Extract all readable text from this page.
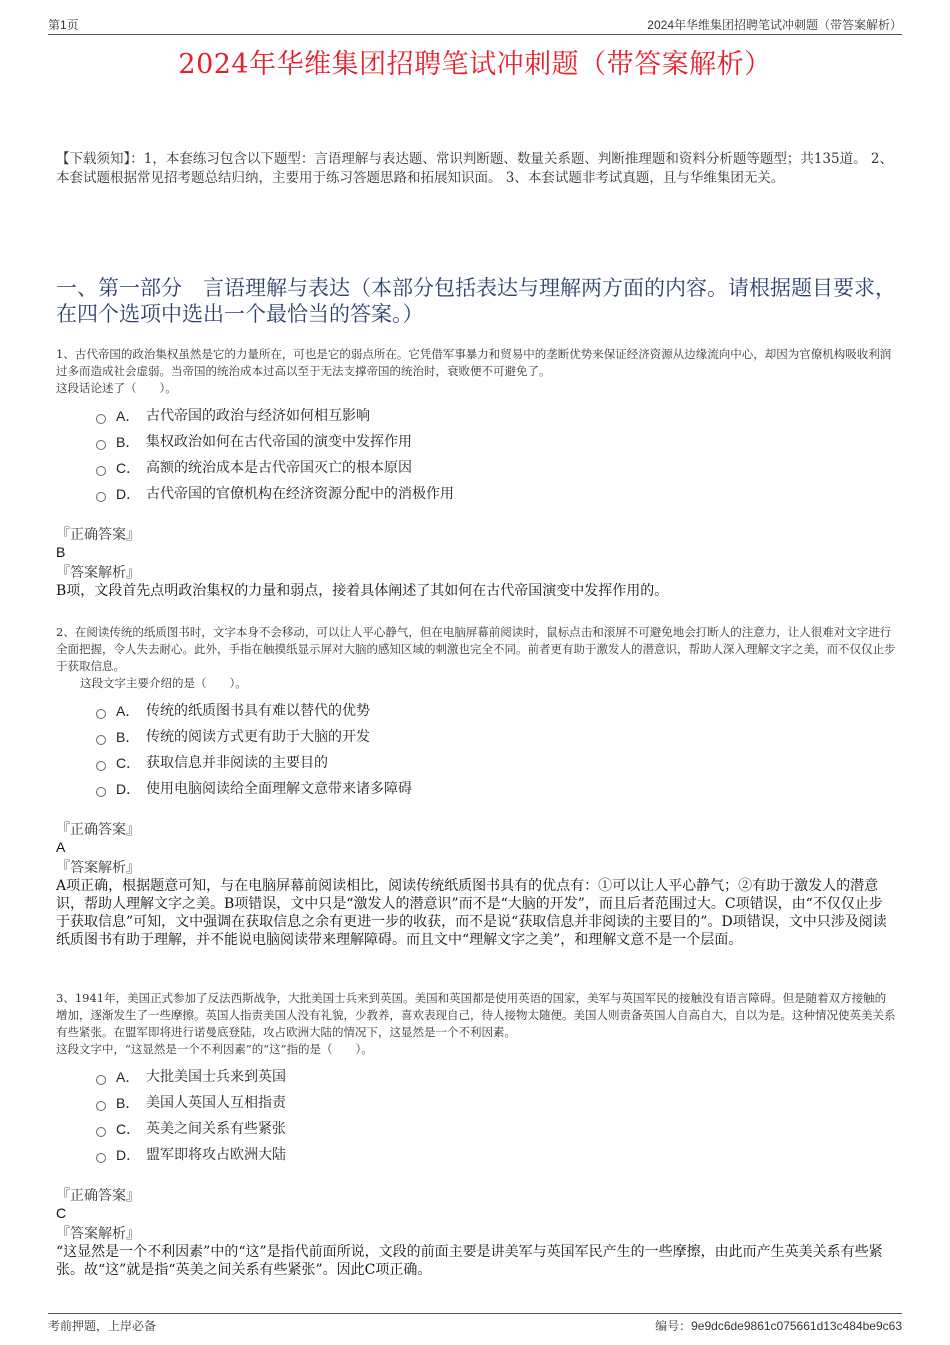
第1页	2024年华维集团招聘笔试冲刺题（带答案解析）
2024年华维集团招聘笔试冲刺题（带答案解析）
【下载须知】：1，本套练习包含以下题型：言语理解与表达题、常识判断题、数量关系题、判断推理题和资料分析题等题型；共135道。 2、本套试题根据常见招考题总结归纳，主要用于练习答题思路和拓展知识面。 3、本套试题非考试真题，且与华维集团无关。
一、第一部分　言语理解与表达（本部分包括表达与理解两方面的内容。请根据题目要求，在四个选项中选出一个最恰当的答案。）
1、古代帝国的政治集权虽然是它的力量所在，可也是它的弱点所在。它凭借军事暴力和贸易中的垄断优势来保证经济资源从边缘流向中心，却因为官僚机构吸收利润过多而造成社会虚弱。当帝国的统治成本过高以至于无法支撑帝国的统治时，衰败便不可避免了。
这段话论述了（　　）。
A． 古代帝国的政治与经济如何相互影响
B． 集权政治如何在古代帝国的演变中发挥作用
C． 高额的统治成本是古代帝国灭亡的根本原因
D． 古代帝国的官僚机构在经济资源分配中的消极作用
『正确答案』
B
『答案解析』
B项，文段首先点明政治集权的力量和弱点，接着具体阐述了其如何在古代帝国演变中发挥作用的。
2、在阅读传统的纸质图书时，文字本身不会移动，可以让人平心静气，但在电脑屏幕前阅读时，鼠标点击和滚屏不可避免地会打断人的注意力，让人很难对文字进行全面把握，令人失去耐心。此外，手指在触摸纸显示屏对大脑的感知区域的刺激也完全不同。前者更有助于激发人的潜意识，帮助人深入理解文字之美，而不仅仅止步于获取信息。
这段文字主要介绍的是（　　）。
A． 传统的纸质图书具有难以替代的优势
B． 传统的阅读方式更有助于大脑的开发
C． 获取信息并非阅读的主要目的
D． 使用电脑阅读给全面理解文意带来诸多障碍
『正确答案』
A
『答案解析』
A项正确，根据题意可知，与在电脑屏幕前阅读相比，阅读传统纸质图书具有的优点有：①可以让人平心静气；②有助于激发人的潜意识，帮助人理解文字之美。B项错误，文中只是“激发人的潜意识”而不是“大脑的开发”，而且后者范围过大。C项错误，由“不仅仅止步于获取信息”可知，文中强调在获取信息之余有更进一步的收获，而不是说“获取信息并非阅读的主要目的”。D项错误，文中只涉及阅读纸质图书有助于理解，并不能说电脑阅读带来理解障碍。而且文中“理解文字之美”，和理解文意不是一个层面。
3、1941年，美国正式参加了反法西斯战争，大批美国士兵来到英国。美国和英国都是使用英语的国家，美军与英国军民的接触没有语言障碍。但是随着双方接触的增加，逐渐发生了一些摩擦。英国人指责美国人没有礼貌，少教养，喜欢表现自己，待人接物太随便。美国人则责备英国人自高自大，自以为是。这种情况使英美关系有些紧张。在盟军即将进行诺曼底登陆，攻占欧洲大陆的情况下，这显然是一个不利因素。
这段文字中，“这显然是一个不利因素”的“这”指的是（　　）。
A． 大批美国士兵来到英国
B． 美国人英国人互相指责
C． 英美之间关系有些紧张
D． 盟军即将攻占欧洲大陆
『正确答案』
C
『答案解析』
“这显然是一个不利因素”中的“这”是指代前面所说，文段的前面主要是讲美军与英国军民产生的一些摩擦，由此而产生英美关系有些紧张。故“这”就是指“英美之间关系有些紧张”。因此C项正确。
考前押题，上岸必备	编号：9e9dc6de9861c075661d13c484be9c63
